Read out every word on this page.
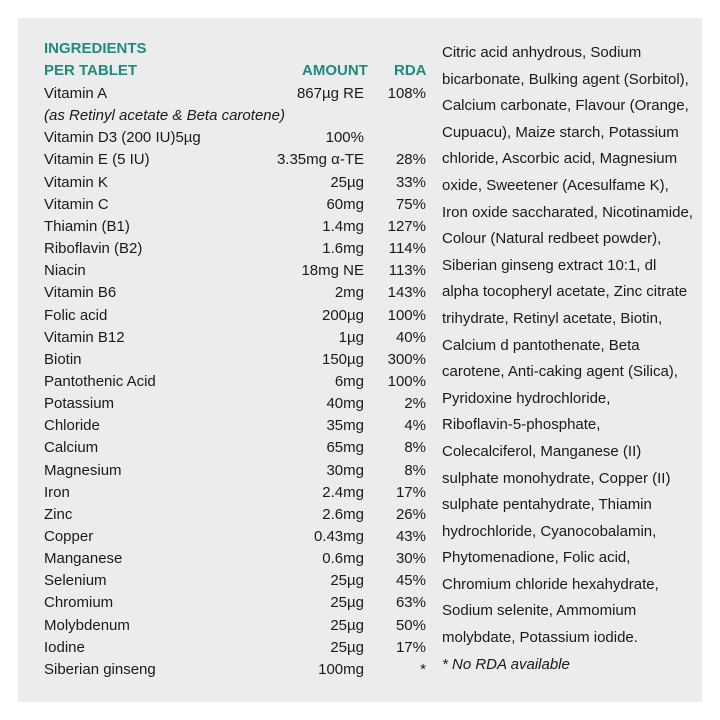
INGREDIENTS
PER TABLET	AMOUNT RDA
Vitamin A	867µg RE 108%
(as Retinyl acetate & Beta carotene)
Vitamin D3 (200 IU)5µg	100%
Vitamin E (5 IU)	3.35mg α-TE 28%
Vitamin K	25µg 33%
Vitamin C	60mg 75%
Thiamin (B1)	1.4mg 127%
Riboflavin (B2)	1.6mg 114%
Niacin	18mg NE 113%
Vitamin B6	2mg 143%
Folic acid	200µg 100%
Vitamin B12	1µg 40%
Biotin	150µg 300%
Pantothenic Acid	6mg 100%
Potassium	40mg	2%
Chloride	35mg	4%
Calcium	65mg	8%
Magnesium	30mg	8%
Iron	2.4mg 17%
Zinc	2.6mg 26%
Copper	0.43mg 43%
Manganese	0.6mg 30%
Selenium	25µg 45%
Chromium	25µg 63%
Molybdenum	25µg 50%
Iodine	25µg 17%
Siberian ginseng	100mg	*
Citric acid anhydrous, Sodium
bicarbonate, Bulking agent (Sorbitol),
Calcium carbonate, Flavour (Orange,
Cupuacu), Maize starch, Potassium
chloride, Ascorbic acid, Magnesium
oxide, Sweetener (Acesulfame K),
Iron oxide saccharated, Nicotinamide,
Colour (Natural redbeet powder),
Siberian ginseng extract 10:1, dl
alpha tocopheryl acetate, Zinc citrate
trihydrate, Retinyl acetate, Biotin,
Calcium d pantothenate, Beta
carotene, Anti-caking agent (Silica),
Pyridoxine hydrochloride,
Riboflavin-5-phosphate,
Colecalciferol, Manganese (II)
sulphate monohydrate, Copper (II)
sulphate pentahydrate, Thiamin
hydrochloride, Cyanocobalamin,
Phytomenadione, Folic acid,
Chromium chloride hexahydrate,
Sodium selenite, Ammomium
molybdate, Potassium iodide.
* No RDA available
